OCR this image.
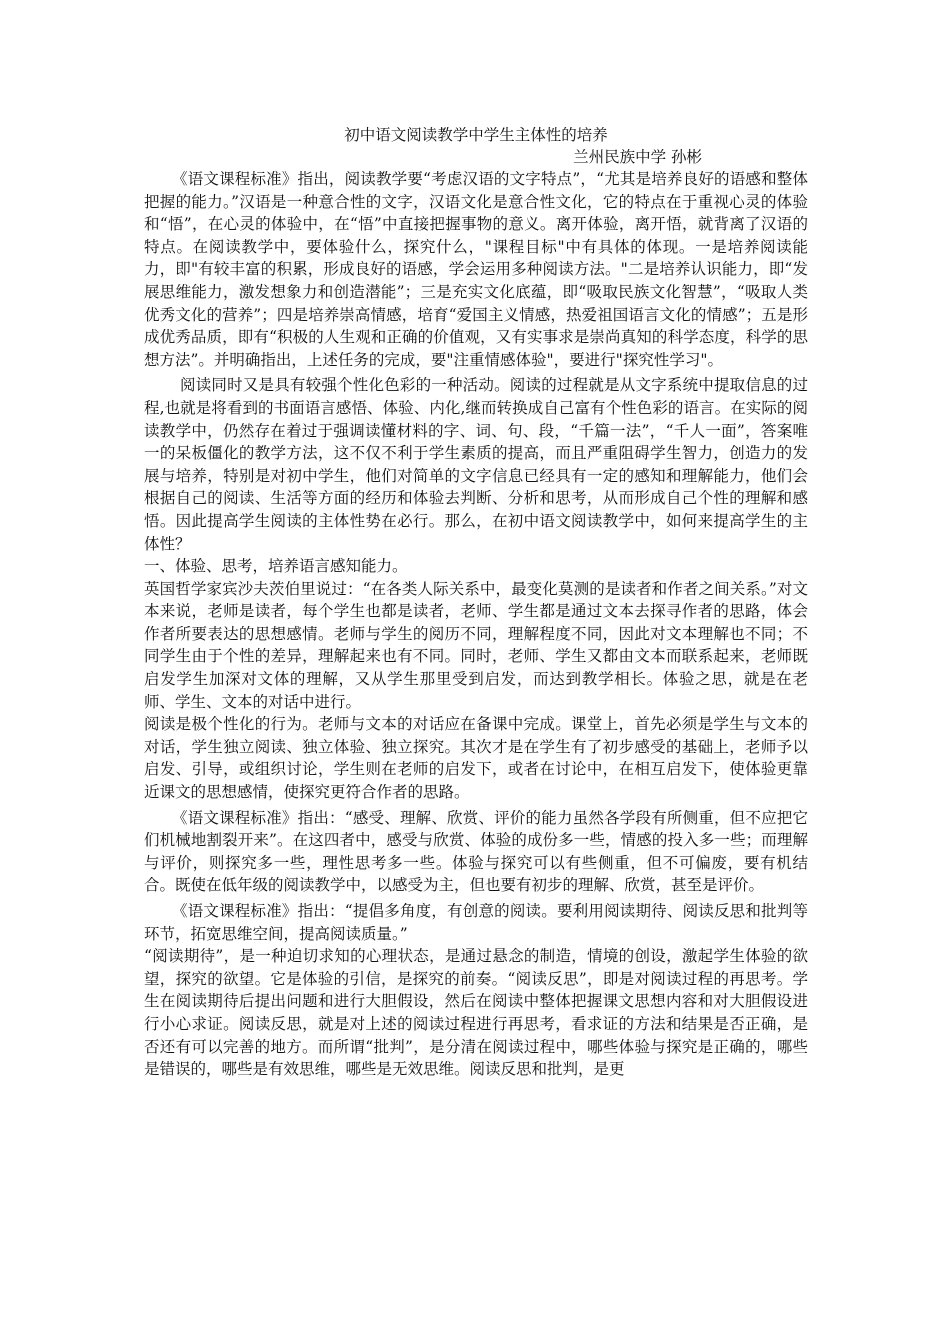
初中语文阅读教学中学生主体性的培养

兰州民族中学 孙彬

《语文课程标准》指出，阅读教学要“考虑汉语的文字特点”，“尤其是培养良好的语感和整体把握的能力。”汉语是一种意合性的文字，汉语文化是意合性文化，它的特点在于重视心灵的体验和“悟”，在心灵的体验中，在“悟”中直接把握事物的意义。离开体验，离开悟，就背离了汉语的特点。在阅读教学中，要体验什么，探究什么，"课程目标"中有具体的体现。一是培养阅读能力，即"有较丰富的积累，形成良好的语感，学会运用多种阅读方法。"二是培养认识能力，即“发展思维能力，激发想象力和创造潜能”；三是充实文化底蕴，即“吸取民族文化智慧”，“吸取人类优秀文化的营养”；四是培养崇高情感，培育“爱国主义情感，热爱祖国语言文化的情感”；五是形成优秀品质，即有“积极的人生观和正确的价值观，又有实事求是崇尚真知的科学态度，科学的思想方法”。并明确指出，上述任务的完成，要"注重情感体验"，要进行"探究性学习"。

阅读同时又是具有较强个性化色彩的一种活动。阅读的过程就是从文字系统中提取信息的过程,也就是将看到的书面语言感悟、体验、内化,继而转换成自己富有个性色彩的语言。在实际的阅读教学中，仍然存在着过于强调读懂材料的字、词、句、段，“千篇一法”，“千人一面”，答案唯一的呆板僵化的教学方法，这不仅不利于学生素质的提高，而且严重阻碍学生智力，创造力的发展与培养，特别是对初中学生，他们对简单的文字信息已经具有一定的感知和理解能力，他们会根据自己的阅读、生活等方面的经历和体验去判断、分析和思考，从而形成自己个性的理解和感悟。因此提高学生阅读的主体性势在必行。那么，在初中语文阅读教学中，如何来提高学生的主体性？

一、体验、思考，培养语言感知能力。

英国哲学家宾沙夫茨伯里说过：“在各类人际关系中，最变化莫测的是读者和作者之间关系。”对文本来说，老师是读者，每个学生也都是读者，老师、学生都是通过文本去探寻作者的思路，体会作者所要表达的思想感情。老师与学生的阅历不同，理解程度不同，因此对文本理解也不同；不同学生由于个性的差异，理解起来也有不同。同时，老师、学生又都由文本而联系起来，老师既启发学生加深对文体的理解，又从学生那里受到启发，而达到教学相长。体验之思，就是在老师、学生、文本的对话中进行。

阅读是极个性化的行为。老师与文本的对话应在备课中完成。课堂上，首先必须是学生与文本的对话，学生独立阅读、独立体验、独立探究。其次才是在学生有了初步感受的基础上，老师予以启发、引导，或组织讨论，学生则在老师的启发下，或者在讨论中，在相互启发下，使体验更靠近课文的思想感情，使探究更符合作者的思路。

《语文课程标准》指出：“感受、理解、欣赏、评价的能力虽然各学段有所侧重，但不应把它们机械地割裂开来”。在这四者中，感受与欣赏、体验的成份多一些，情感的投入多一些；而理解与评价，则探究多一些，理性思考多一些。体验与探究可以有些侧重，但不可偏废，要有机结合。既使在低年级的阅读教学中，以感受为主，但也要有初步的理解、欣赏，甚至是评价。

《语文课程标准》指出：“提倡多角度，有创意的阅读。要利用阅读期待、阅读反思和批判等环节，拓宽思维空间，提高阅读质量。”

“阅读期待”，是一种迫切求知的心理状态，是通过悬念的制造，情境的创设，激起学生体验的欲望，探究的欲望。它是体验的引信，是探究的前奏。“阅读反思”，即是对阅读过程的再思考。学生在阅读期待后提出问题和进行大胆假设，然后在阅读中整体把握课文思想内容和对大胆假设进行小心求证。阅读反思，就是对上述的阅读过程进行再思考，看求证的方法和结果是否正确，是否还有可以完善的地方。而所谓“批判”，是分清在阅读过程中，哪些体验与探究是正确的，哪些是错误的，哪些是有效思维，哪些是无效思维。阅读反思和批判，是更
